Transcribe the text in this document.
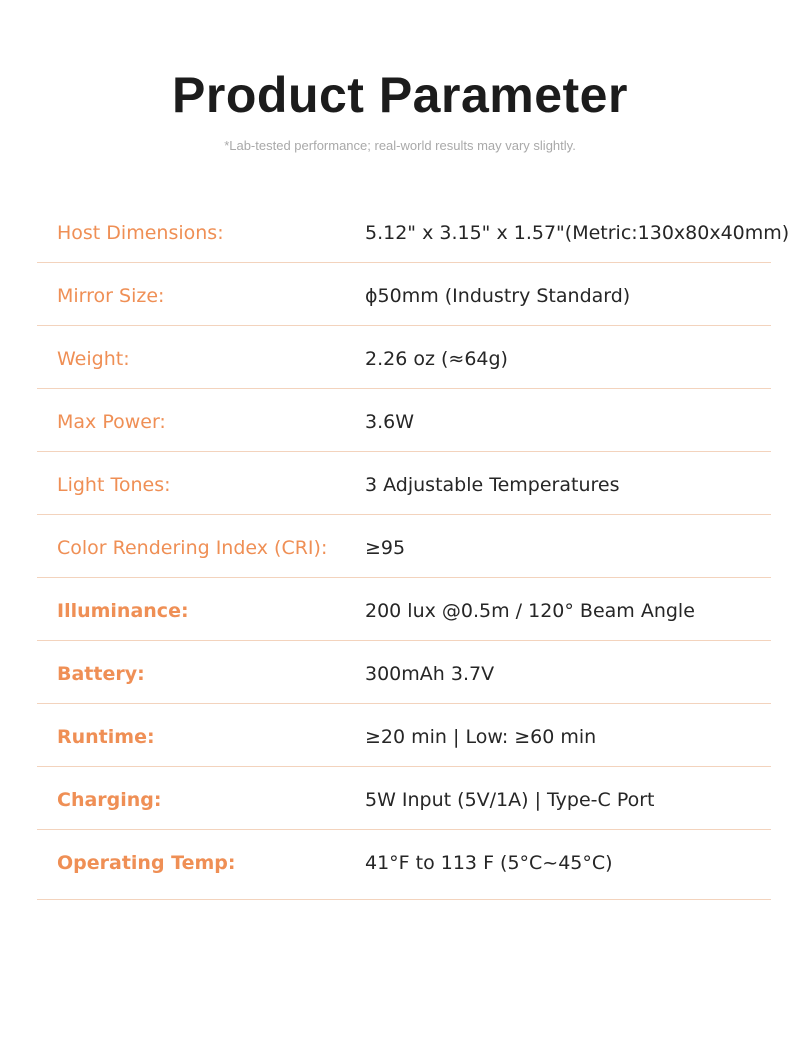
Product Parameter
*Lab-tested performance; real-world results may vary slightly.
Host Dimensions:	5.12" x 3.15" x 1.57"(Metric:130x80x40mm)
Mirror Size:	ϕ50mm (Industry Standard)
Weight:	2.26 oz (≈64g)
Max Power:	3.6W
Light Tones:	3 Adjustable Temperatures
Color Rendering Index (CRI): ≥95
Illuminance:	200 lux @0.5m / 120° Beam Angle
Battery:	300mAh 3.7V
Runtime:	≥20 min | Low: ≥60 min
Charging:	5W Input (5V/1A) | Type-C Port
Operating Temp:	41°F to 113 F (5°C~45°C)
